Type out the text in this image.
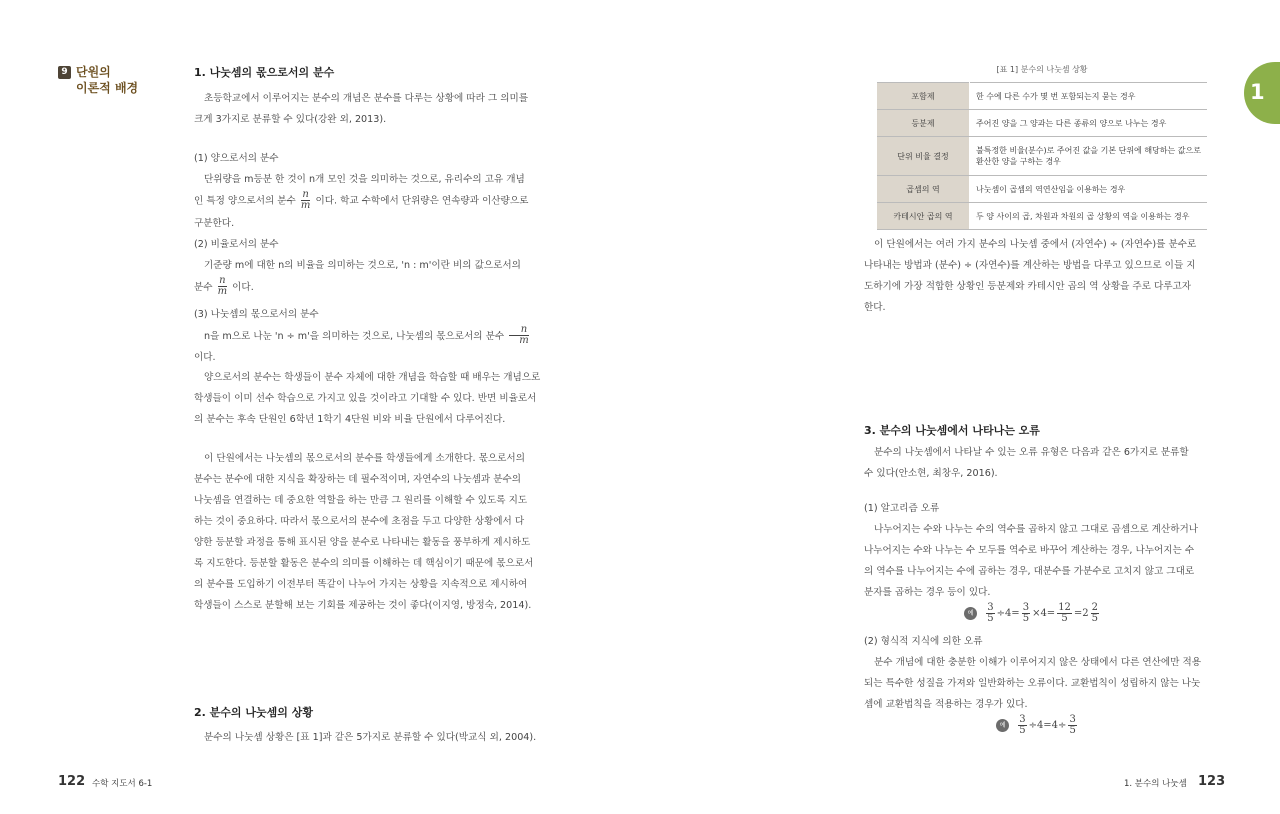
9 단원의
이론적 배경
1. 나눗셈의 몫으로서의 분수

초등학교에서 이루어지는 분수의 개념은 분수를 다루는 상황에 따라 그 의미를

크게 3가지로 분류할 수 있다(강완 외, 2013).

(1) 양으로서의 분수

단위량을 m등분 한 것이 n개 모인 것을 의미하는 것으로, 유리수의 고유 개념

인 특정 양으로서의 분수 $\frac{n}{m}$ 이다. 학교 수학에서 단위량은 연속량과 이산량으로

구분한다.

(2) 비율로서의 분수

기준량 m에 대한 n의 비율을 의미하는 것으로, 'n : m'이란 비의 값으로서의

분수 $\frac{n}{m}$ 이다.

(3) 나눗셈의 몫으로서의 분수

n을 m으로 나눈 'n ÷ m'을 의미하는 것으로, 나눗셈의 몫으로서의 분수 $\frac{n}{m}$

이다.

양으로서의 분수는 학생들이 분수 자체에 대한 개념을 학습할 때 배우는 개념으로

학생들이 이미 선수 학습으로 가지고 있을 것이라고 기대할 수 있다. 반면 비율로서

의 분수는 후속 단원인 6학년 1학기 4단원 비와 비율 단원에서 다루어진다.

이 단원에서는 나눗셈의 몫으로서의 분수를 학생들에게 소개한다. 몫으로서의

분수는 분수에 대한 지식을 확장하는 데 필수적이며, 자연수의 나눗셈과 분수의

나눗셈을 연결하는 데 중요한 역할을 하는 만큼 그 원리를 이해할 수 있도록 지도

하는 것이 중요하다. 따라서 몫으로서의 분수에 초점을 두고 다양한 상황에서 다

양한 등분할 과정을 통해 표시된 양을 분수로 나타내는 활동을 풍부하게 제시하도

록 지도한다. 등분할 활동은 분수의 의미를 이해하는 데 핵심이기 때문에 몫으로서

의 분수를 도입하기 이전부터 똑같이 나누어 가지는 상황을 지속적으로 제시하여

학생들이 스스로 분할해 보는 기회를 제공하는 것이 좋다(이지영, 방정숙, 2014).

2. 분수의 나눗셈의 상황

분수의 나눗셈 상황은 [표 1]과 같은 5가지로 분류할 수 있다(박교식 외, 2004).

1
[표 1] 분수의 나눗셈 상황
포함제	한 수에 다른 수가 몇 번 포함되는지 묻는 경우
등분제	주어진 양을 그 양과는 다른 종류의 양으로 나누는 경우
단위 비율 결정	불특정한 비율(분수)로 주어진 값을 기본 단위에 해당하는 값으로 환산한 양을 구하는 경우
곱셈의 역	나눗셈이 곱셈의 역연산임을 이용하는 경우
카테시안 곱의 역	두 양 사이의 곱, 차원과 차원의 곱 상황의 역을 이용하는 경우

이 단원에서는 여러 가지 분수의 나눗셈 중에서 (자연수) ÷ (자연수)를 분수로

나타내는 방법과 (분수) ÷ (자연수)를 계산하는 방법을 다루고 있으므로 이들 지

도하기에 가장 적합한 상황인 등분제와 카테시안 곱의 역 상황을 주로 다루고자

한다.

3. 분수의 나눗셈에서 나타나는 오류

분수의 나눗셈에서 나타날 수 있는 오류 유형은 다음과 같은 6가지로 분류할

수 있다(안소현, 최창우, 2016).

(1) 알고리즘 오류

나누어지는 수와 나누는 수의 역수를 곱하지 않고 그대로 곱셈으로 계산하거나

나누어지는 수와 나누는 수 모두를 역수로 바꾸어 계산하는 경우, 나누어지는 수

의 역수를 나누어지는 수에 곱하는 경우, 대분수를 가분수로 고치지 않고 그대로

분자를 곱하는 경우 등이 있다.

예 $\frac{3}{5} \div 4= \frac{3}{5} \times 4= \frac{12}{5} =2 \frac{2}{5}$

(2) 형식적 지식에 의한 오류

분수 개념에 대한 충분한 이해가 이루어지지 않은 상태에서 다른 연산에만 적용

되는 특수한 성질을 가져와 일반화하는 오류이다. 교환법칙이 성립하지 않는 나눗

셈에 교환법칙을 적용하는 경우가 있다.

예 $\frac{3}{5} \div 4=4\div \frac{3}{5}$
122 수학 지도서 6-1	1. 분수의 나눗셈 123
